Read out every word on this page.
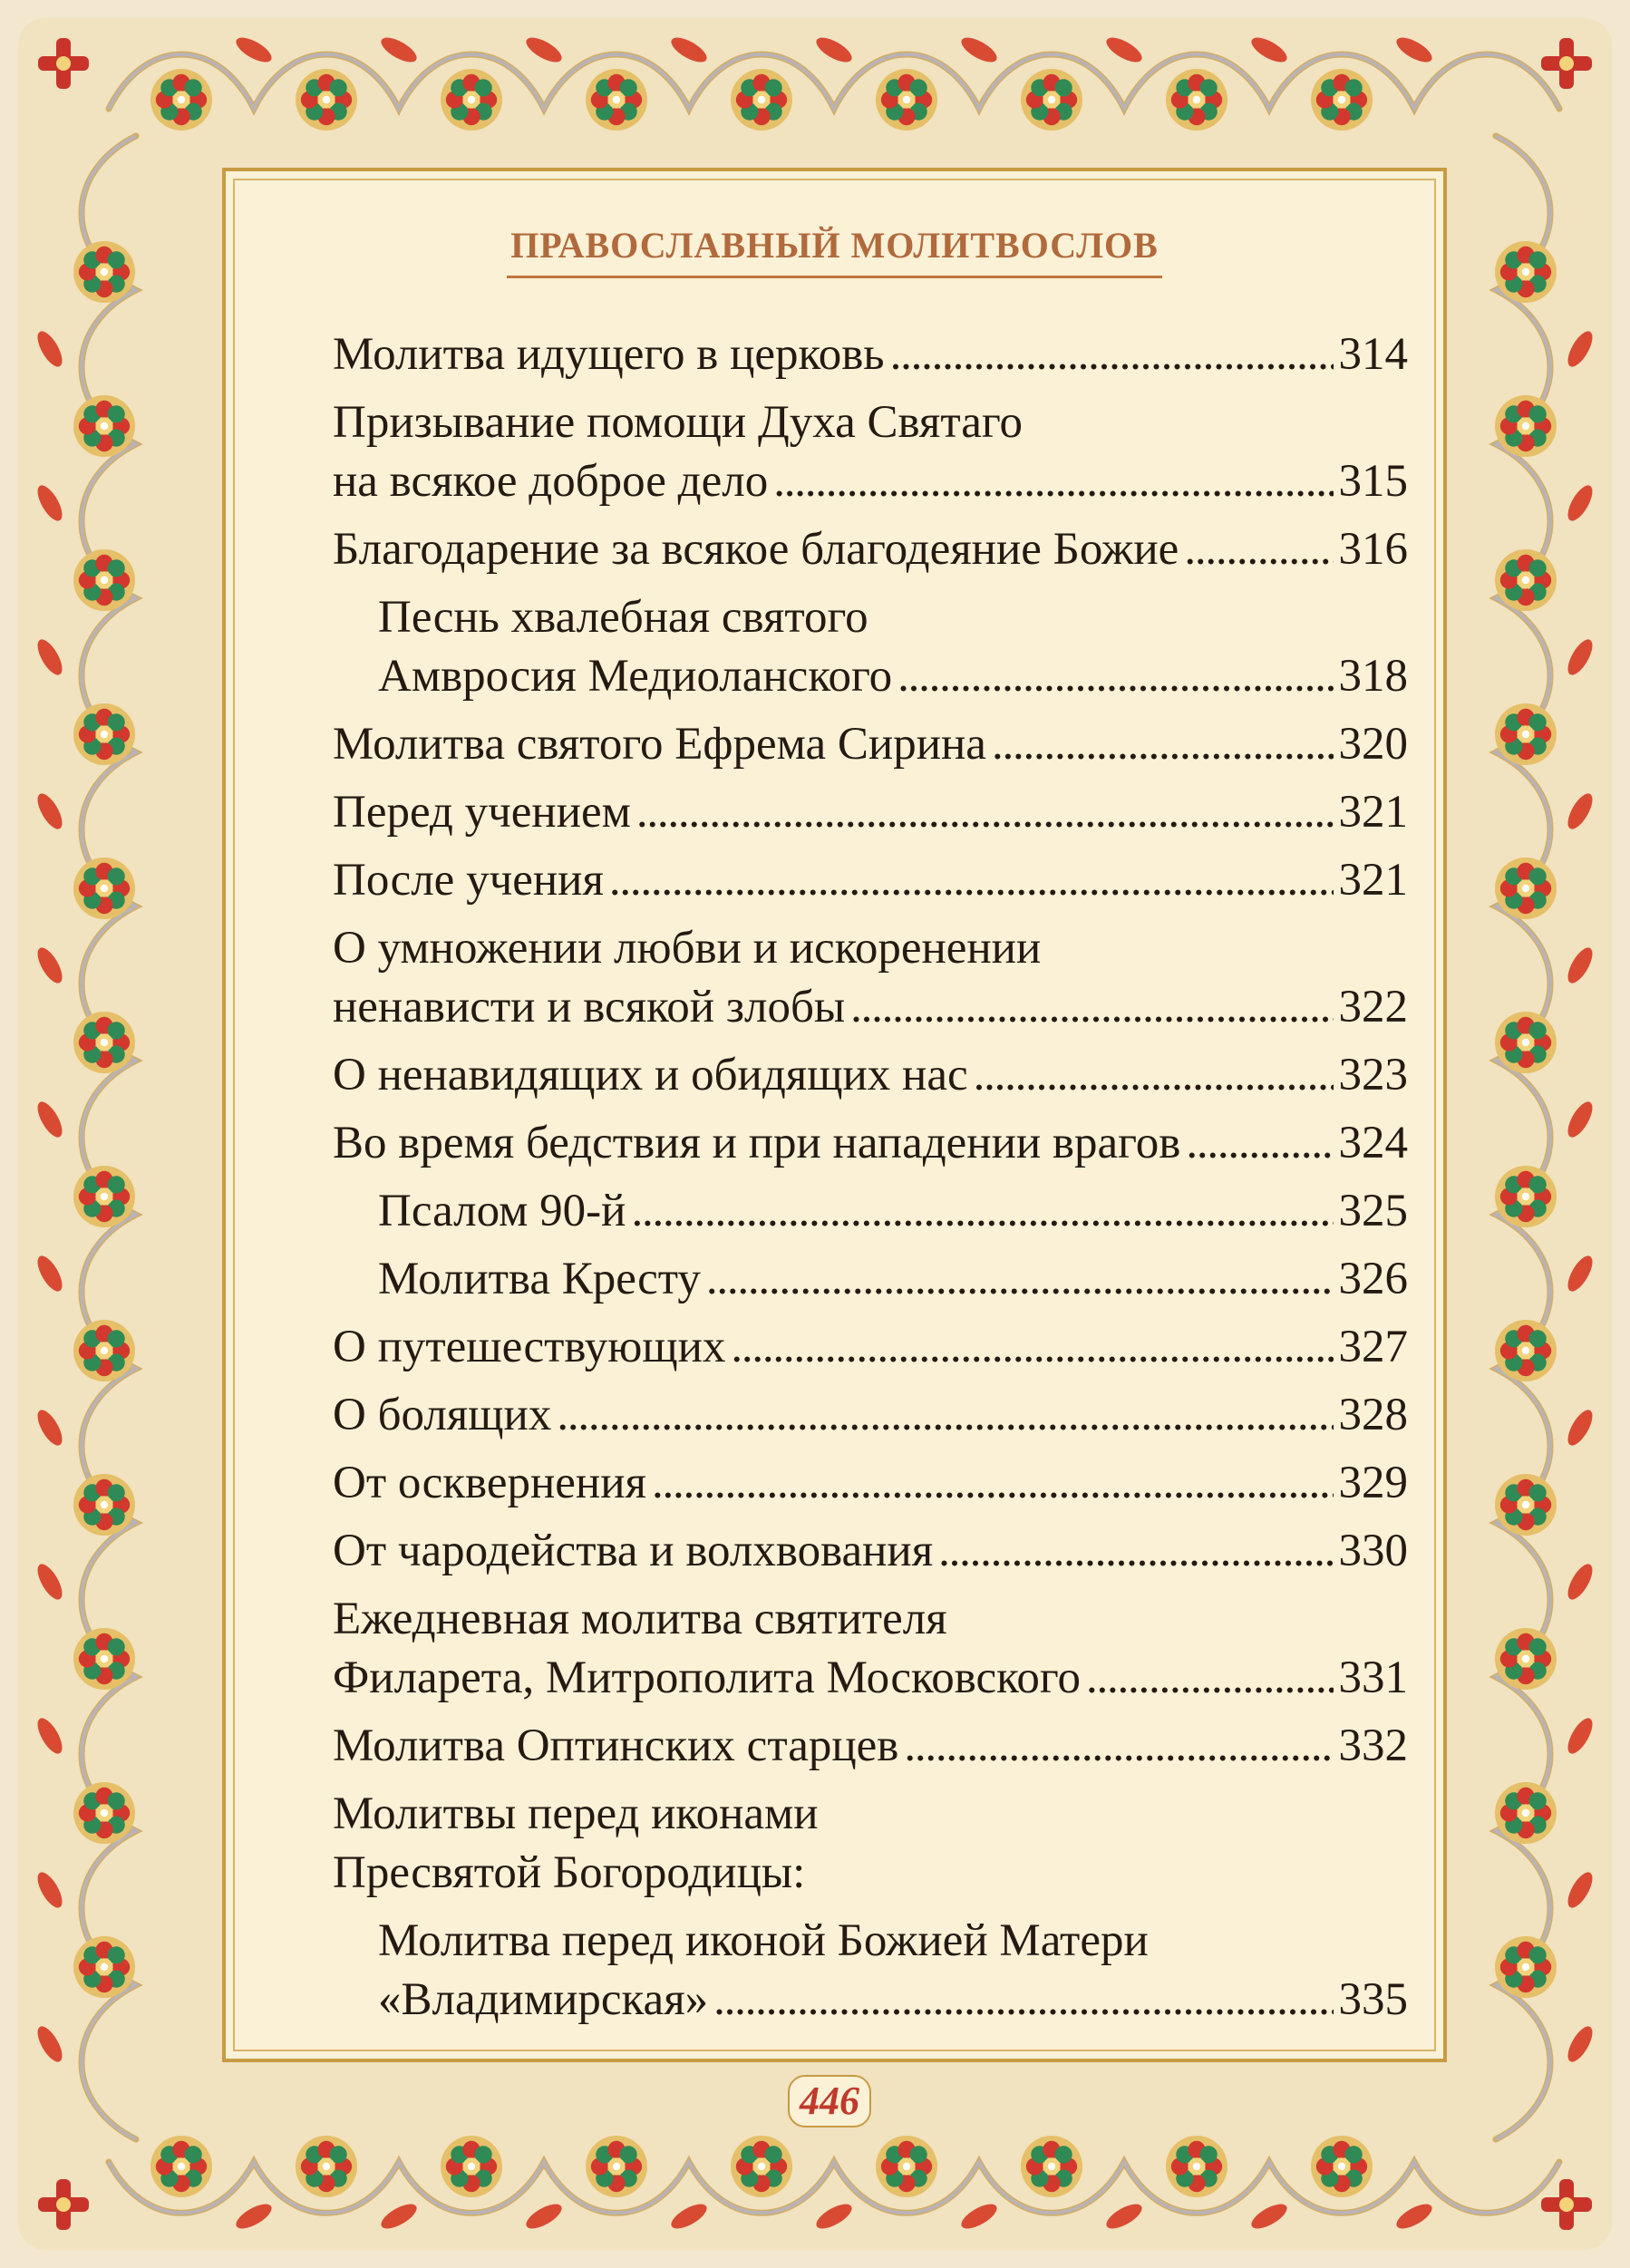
ПРАВОСЛАВНЫЙ МОЛИТВОСЛОВ
Молитва идущего в церковь . . .	314
Призывание помощи Духа Святаго
на всякое доброе дело . . .	315
Благодарение за всякое благодеяние Божие . . .	316
Песнь хвалебная святого
Амвросия Медиоланского . . .	318
Молитва святого Ефрема Сирина . . .	320
Перед учением . . .	321
После учения . . .	321
О умножении любви и искоренении
ненависти и всякой злобы . . .	322
О ненавидящих и обидящих нас . . .	323
Во время бедствия и при нападении врагов . . .	324
Псалом 90-й . . .	325
Молитва Кресту . . .	326
О путешествующих . . .	327
О болящих . . .	328
От осквернения . . .	329
От чародейства и волхвования . . .	330
Ежедневная молитва святителя
Филарета, Митрополита Московского . . .	331
Молитва Оптинских старцев . . .	332
Молитвы перед иконами
Пресвятой Богородицы:
Молитва перед иконой Божией Матери
«Владимирская» . . .	335
446
